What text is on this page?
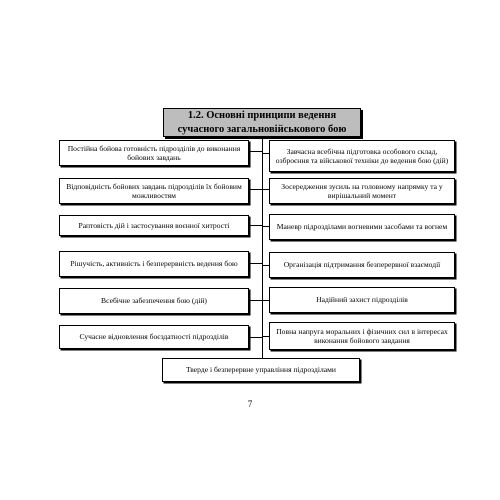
1.2. Основні принципи ведення
сучасного загальновійськового бою
Постійна бойова готовність підрозділів до виконання бойових завдань
Відповідність бойових завдань підрозділів їх бойовим можливостям
Раптовість дій і застосування воєнної хитрості
Рішучість, активність і безперервність ведення бою
Всебічне забезпечення бою (дій)
Сучасне відновлення боєздатності підрозділів
Завчасна всебічна підготовка особового склад, озброєння та військової техніки до ведення бою (дій)
Зосередження зусиль на головному напрямку та у вирішальний момент
Маневр підрозділами вогневими засобами та вогнем
Організація підтримання безперервної взаємодії
Надійний захист підрозділів
Повна напруга моральних і фізичних сил в інтересах виконання бойового завдання
Тверде і безперервне управління підрозділами
7
